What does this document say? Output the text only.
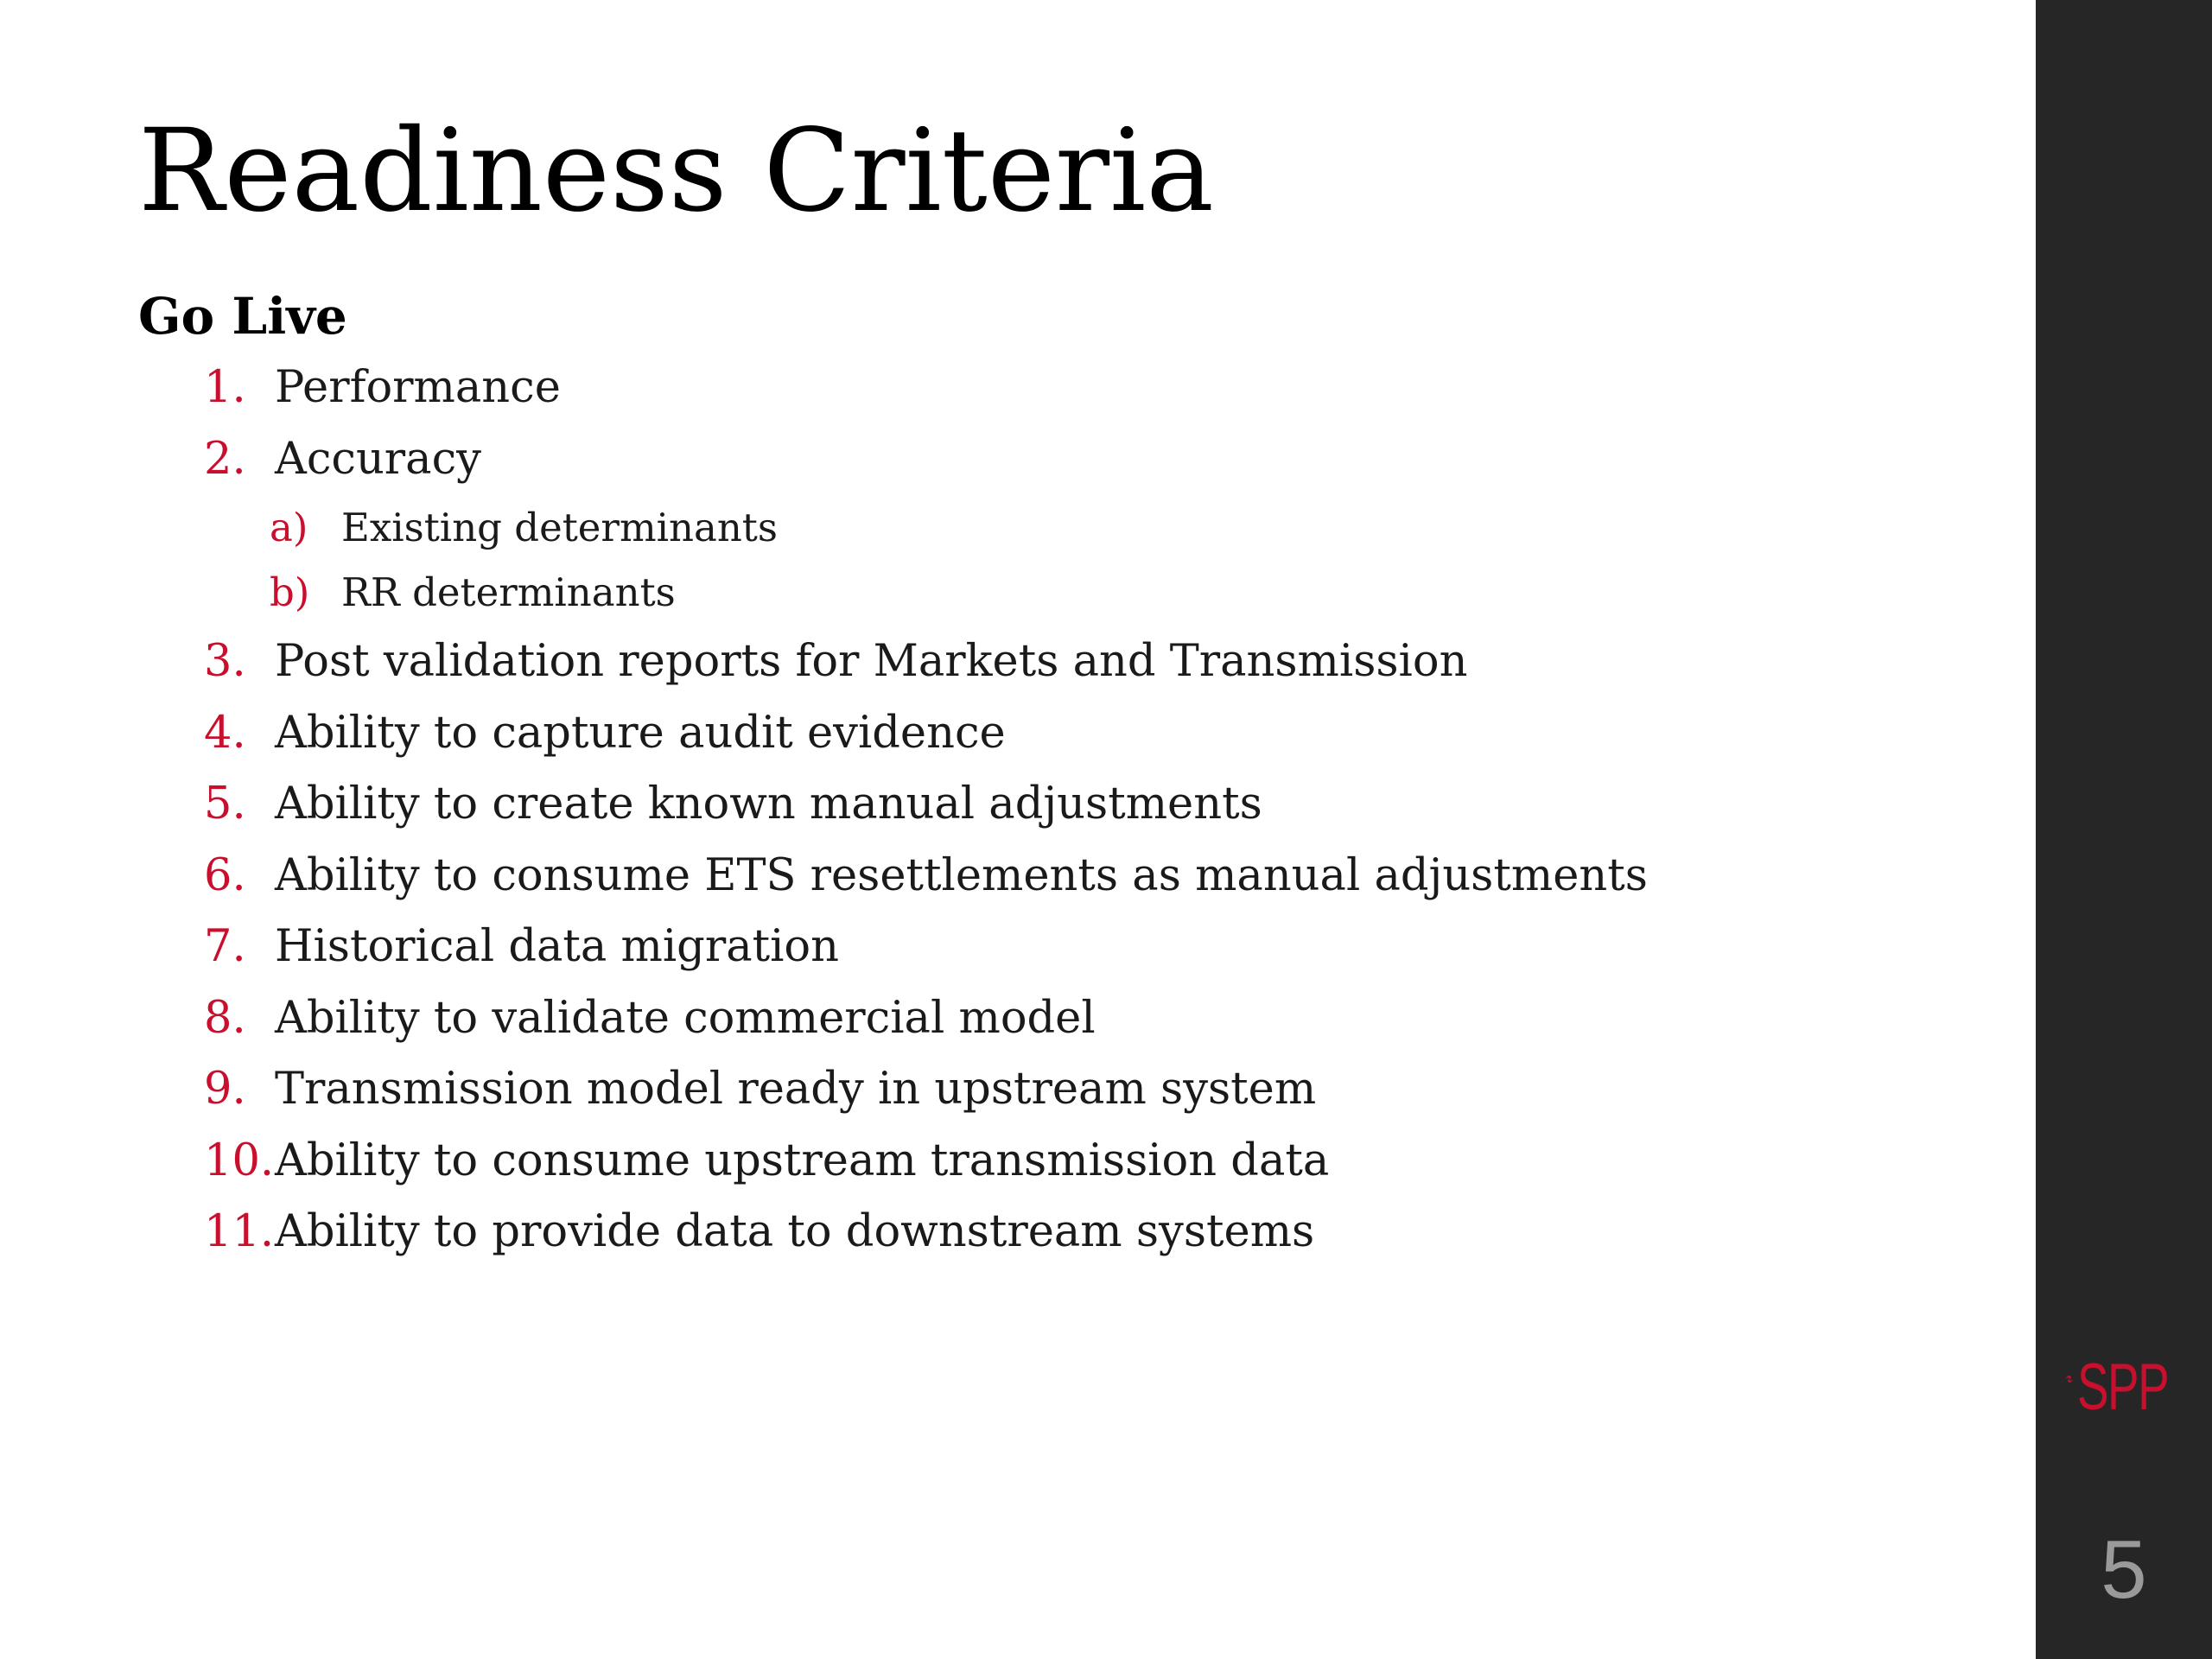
Readiness Criteria
Go Live
1. Performance
2. Accuracy
a) Existing determinants
b) RR determinants
3. Post validation reports for Markets and Transmission
4. Ability to capture audit evidence
5. Ability to create known manual adjustments
6. Ability to consume ETS resettlements as manual adjustments
7. Historical data migration
8. Ability to validate commercial model
9. Transmission model ready in upstream system
10. Ability to consume upstream transmission data
11. Ability to provide data to downstream systems
SPP
5
